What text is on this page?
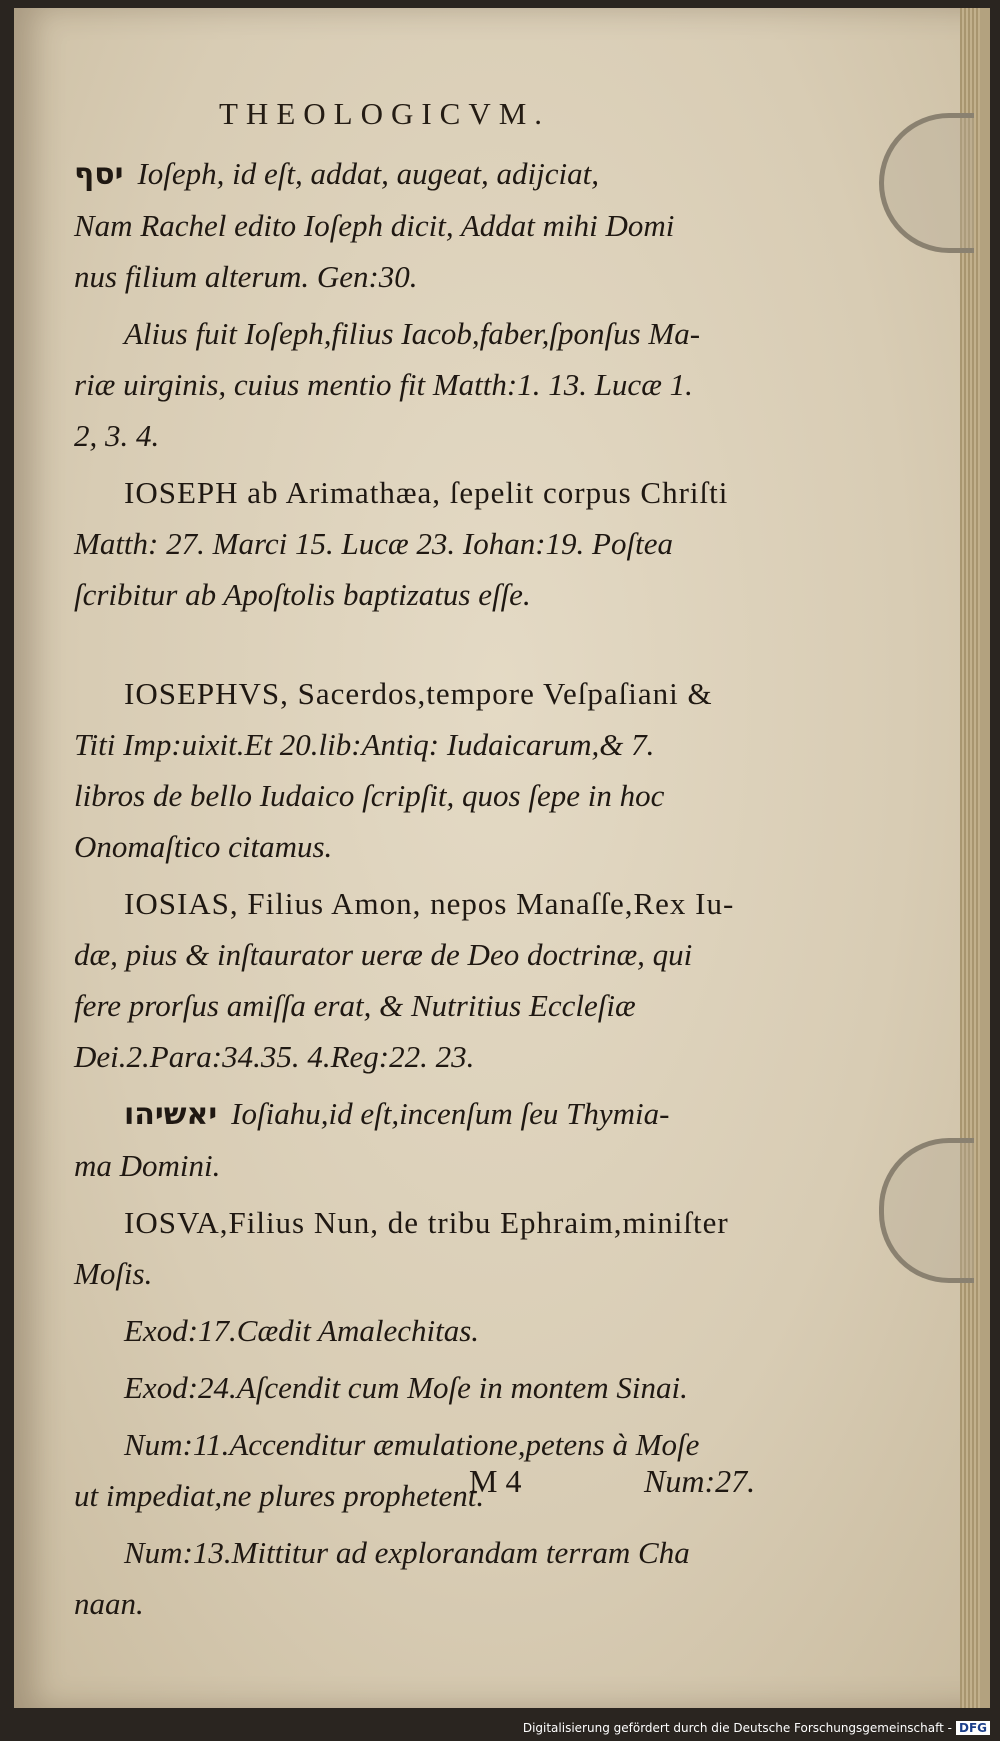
THEOLOGICVM.

יסף Ioſeph, id eſt, addat, augeat, adijciat,

Nam Rachel edito Ioſeph dicit, Addat mihi Domi

nus filium alterum. Gen:30.

Alius fuit Ioſeph,filius Iacob,faber,ſponſus Ma-

riæ uirginis, cuius mentio fit Matth:1. 13. Lucæ 1.

2, 3. 4.

IOSEPH ab Arimathæa, ſepelit corpus Chriſti

Matth: 27. Marci 15. Lucæ 23. Iohan:19. Poſtea

ſcribitur ab Apoſtolis baptizatus eſſe.

IOSEPHVS, Sacerdos,tempore Veſpaſiani &

Titi Imp:uixit.Et 20.lib:Antiq: Iudaicarum,& 7.

libros de bello Iudaico ſcripſit, quos ſepe in hoc

Onomaſtico citamus.

IOSIAS, Filius Amon, nepos Manaſſe,Rex Iu-

dæ, pius & inſtaurator ueræ de Deo doctrinæ, qui

fere prorſus amiſſa erat, & Nutritius Eccleſiæ

Dei.2.Para:34.35. 4.Reg:22. 23.

יאשיהו Ioſiahu,id eſt,incenſum ſeu Thymia-

ma Domini.

IOSVA,Filius Nun, de tribu Ephraim,miniſter

Moſis.

Exod:17.Cædit Amalechitas.

Exod:24.Aſcendit cum Moſe in montem Sinai.

Num:11.Accenditur æmulatione,petens à Moſe

ut impediat,ne plures prophetent.

Num:13.Mittitur ad explorandam terram Cha

naan.

M 4	Num:27.
Digitalisierung gefördert durch die Deutsche Forschungsgemeinschaft - DFG
